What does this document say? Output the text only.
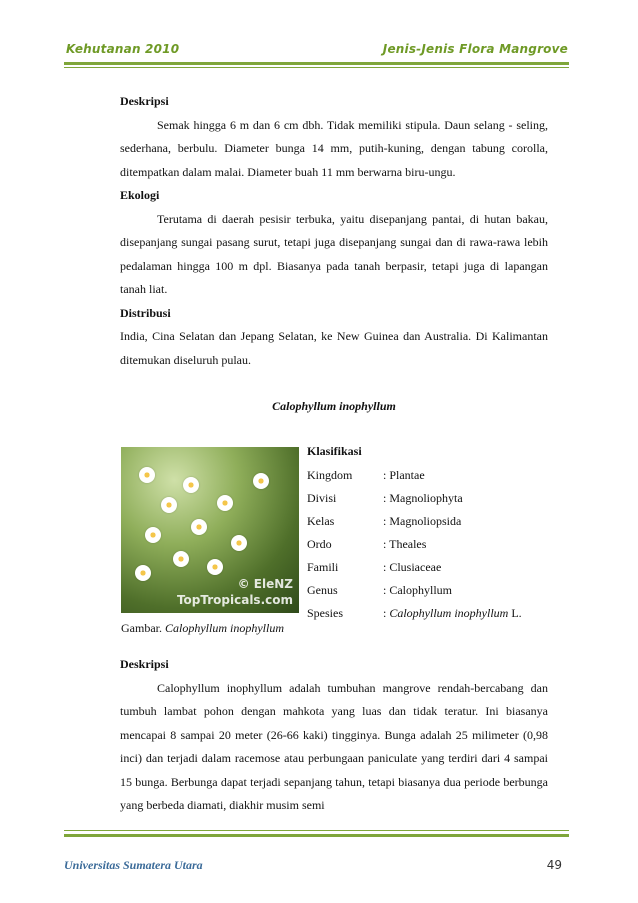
Kehutanan 2010	Jenis-Jenis Flora Mangrove
Deskripsi
Semak hingga 6 m dan 6 cm dbh. Tidak memiliki stipula. Daun selang - seling, sederhana, berbulu. Diameter bunga 14 mm, putih-kuning, dengan tabung corolla, ditempatkan dalam malai. Diameter buah 11 mm berwarna biru-ungu.
Ekologi
Terutama di daerah pesisir terbuka, yaitu disepanjang pantai, di hutan bakau, disepanjang sungai pasang surut, tetapi juga disepanjang sungai dan di rawa-rawa lebih pedalaman hingga 100 m dpl. Biasanya pada tanah berpasir, tetapi juga di lapangan tanah liat.
Distribusi
India, Cina Selatan dan Jepang Selatan, ke New Guinea dan Australia. Di Kalimantan ditemukan diseluruh pulau.
Calophyllum inophyllum
© EleNZ
TopTropicals.com
Gambar. Calophyllum inophyllum
Klasifikasi
Kingdom	: Plantae
Divisi	: Magnoliophyta
Kelas	: Magnoliopsida
Ordo	: Theales
Famili	: Clusiaceae
Genus	: Calophyllum
Spesies	: Calophyllum inophyllum L.
Deskripsi
Calophyllum inophyllum adalah tumbuhan mangrove rendah-bercabang dan tumbuh lambat pohon dengan mahkota yang luas dan tidak teratur. Ini biasanya mencapai 8 sampai 20 meter (26-66 kaki) tingginya. Bunga adalah 25 milimeter (0,98 inci) dan terjadi dalam racemose atau perbungaan paniculate yang terdiri dari 4 sampai 15 bunga. Berbunga dapat terjadi sepanjang tahun, tetapi biasanya dua periode berbunga yang berbeda diamati, diakhir musim semi
Universitas Sumatera Utara	49
